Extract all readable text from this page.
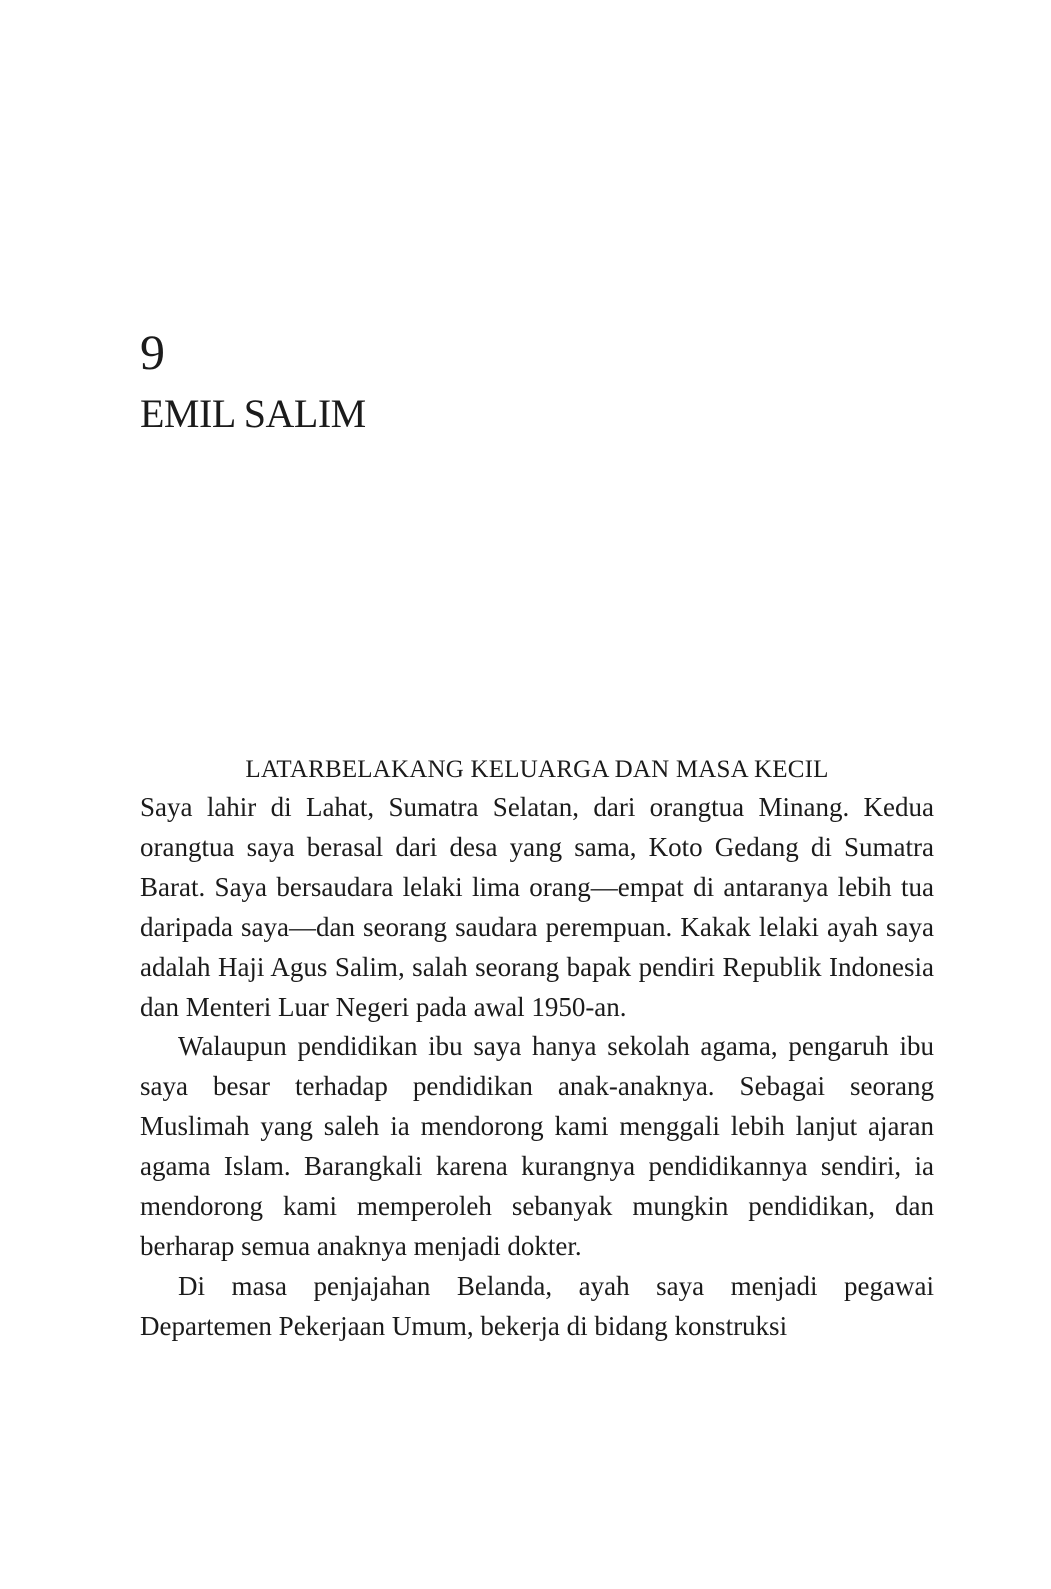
9
EMIL SALIM
LATARBELAKANG KELUARGA DAN MASA KECIL

Saya lahir di Lahat, Sumatra Selatan, dari orangtua Minang. Kedua orangtua saya berasal dari desa yang sama, Koto Gedang di Sumatra Barat. Saya bersaudara lelaki lima orang—empat di antaranya lebih tua daripada saya—dan seorang saudara perempuan. Kakak lelaki ayah saya adalah Haji Agus Salim, salah seorang bapak pendiri Republik Indonesia dan Menteri Luar Negeri pada awal 1950-an.

Walaupun pendidikan ibu saya hanya sekolah agama, pengaruh ibu saya besar terhadap pendidikan anak-anaknya. Sebagai seorang Muslimah yang saleh ia mendorong kami menggali lebih lanjut ajaran agama Islam. Barangkali karena kurangnya pendidikannya sendiri, ia mendorong kami memperoleh sebanyak mungkin pendidikan, dan berharap semua anaknya menjadi dokter.

Di masa penjajahan Belanda, ayah saya menjadi pegawai Departemen Pekerjaan Umum, bekerja di bidang konstruksi
